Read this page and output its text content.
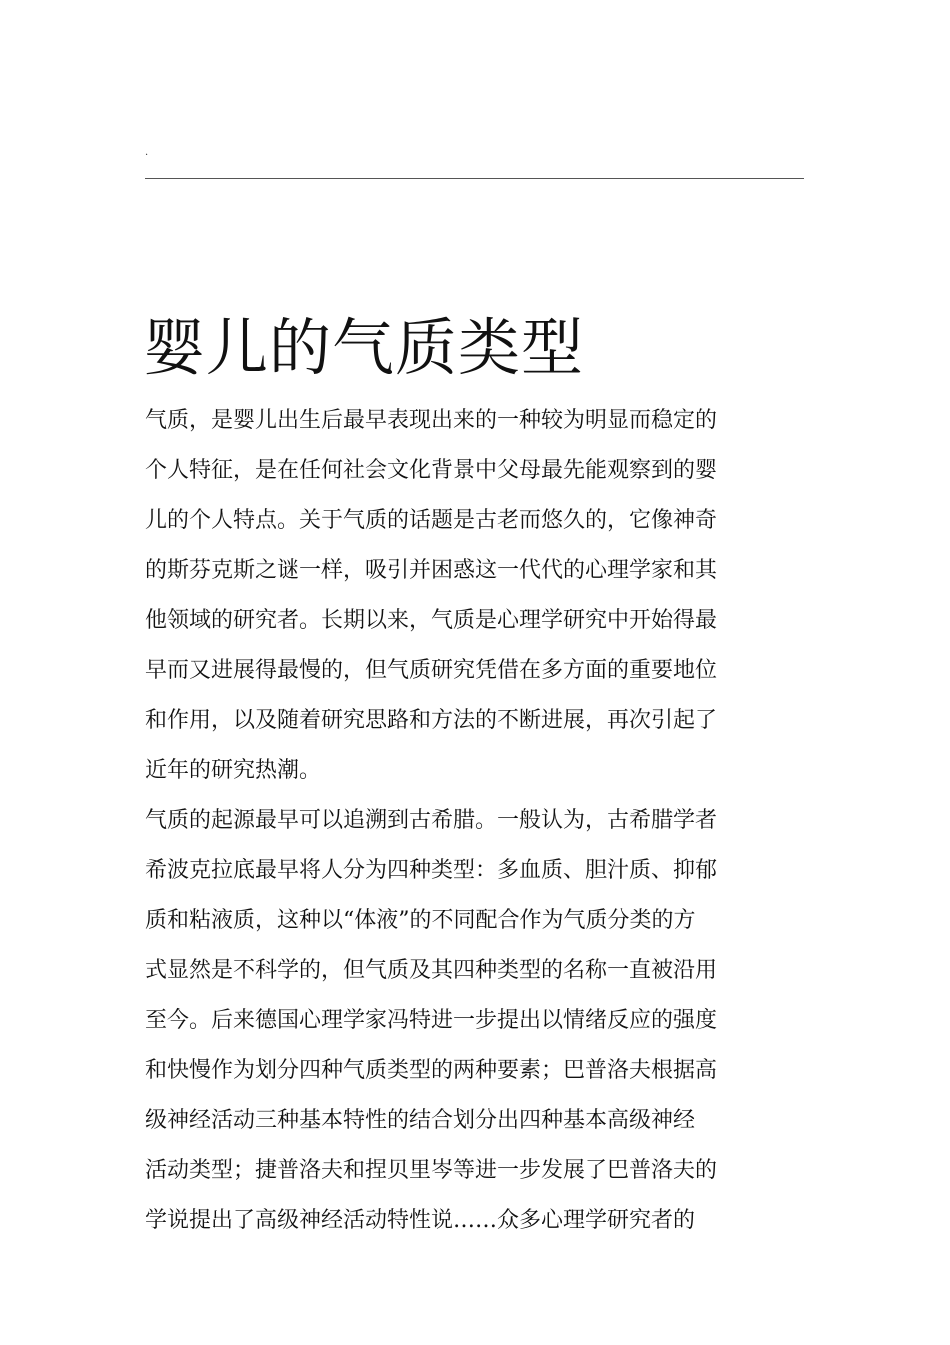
.
婴儿的气质类型
气质，是婴儿出生后最早表现出来的一种较为明显而稳定的
个人特征，是在任何社会文化背景中父母最先能观察到的婴
儿的个人特点。关于气质的话题是古老而悠久的，它像神奇
的斯芬克斯之谜一样，吸引并困惑这一代代的心理学家和其
他领域的研究者。长期以来，气质是心理学研究中开始得最
早而又进展得最慢的，但气质研究凭借在多方面的重要地位
和作用，以及随着研究思路和方法的不断进展，再次引起了
近年的研究热潮。
气质的起源最早可以追溯到古希腊。一般认为，古希腊学者
希波克拉底最早将人分为四种类型：多血质、胆汁质、抑郁
质和粘液质，这种以“体液”的不同配合作为气质分类的方
式显然是不科学的，但气质及其四种类型的名称一直被沿用
至今。后来德国心理学家冯特进一步提出以情绪反应的强度
和快慢作为划分四种气质类型的两种要素；巴普洛夫根据高
级神经活动三种基本特性的结合划分出四种基本高级神经
活动类型；捷普洛夫和捏贝里岑等进一步发展了巴普洛夫的
学说提出了高级神经活动特性说……众多心理学研究者的
